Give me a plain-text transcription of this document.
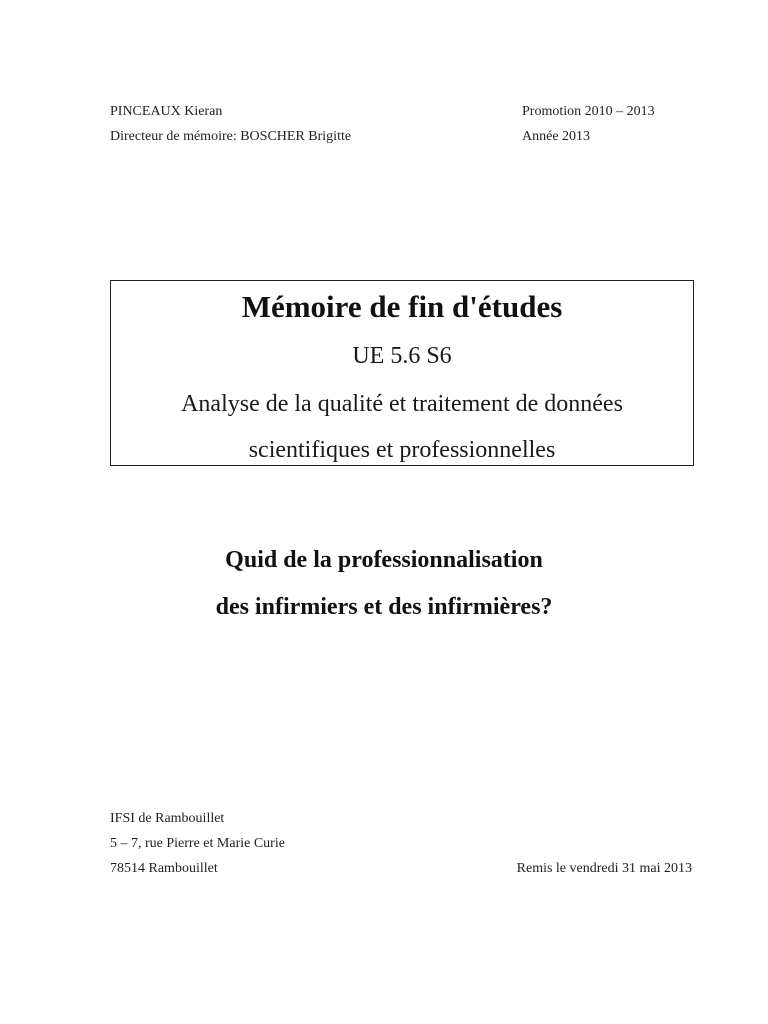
PINCEAUX Kieran
Directeur de mémoire: BOSCHER Brigitte
Promotion 2010 – 2013
Année 2013
Mémoire de fin d'études
UE 5.6 S6
Analyse de la qualité et traitement de données
scientifiques et professionnelles
Quid de la professionnalisation
des infirmiers et des infirmières?
IFSI de Rambouillet
5 – 7, rue Pierre et Marie Curie
78514 Rambouillet	Remis le vendredi 31 mai 2013
